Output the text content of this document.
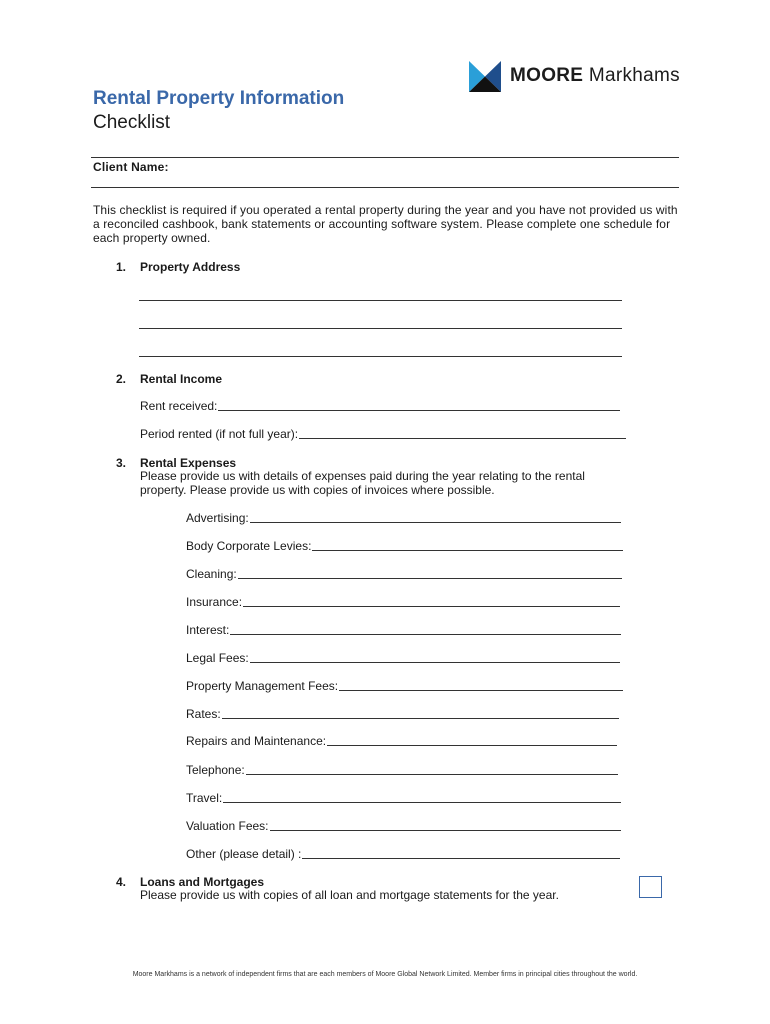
MOORE Markhams
Rental Property Information
Checklist
Client Name:
This checklist is required if you operated a rental property during the year and you have not provided us with a reconciled cashbook, bank statements or accounting software system. Please complete one schedule for each property owned.
1. Property Address
2. Rental Income
Rent received:
Period rented (if not full year):
3. Rental Expenses
Please provide us with details of expenses paid during the year relating to the rental property. Please provide us with copies of invoices where possible.
Advertising:
Body Corporate Levies:
Cleaning:
Insurance:
Interest:
Legal Fees:
Property Management Fees:
Rates:
Repairs and Maintenance:
Telephone:
Travel:
Valuation Fees:
Other (please detail) :
4. Loans and Mortgages
Please provide us with copies of all loan and mortgage statements for the year.
Moore Markhams is a network of independent firms that are each members of Moore Global Network Limited. Member firms in principal cities throughout the world.
